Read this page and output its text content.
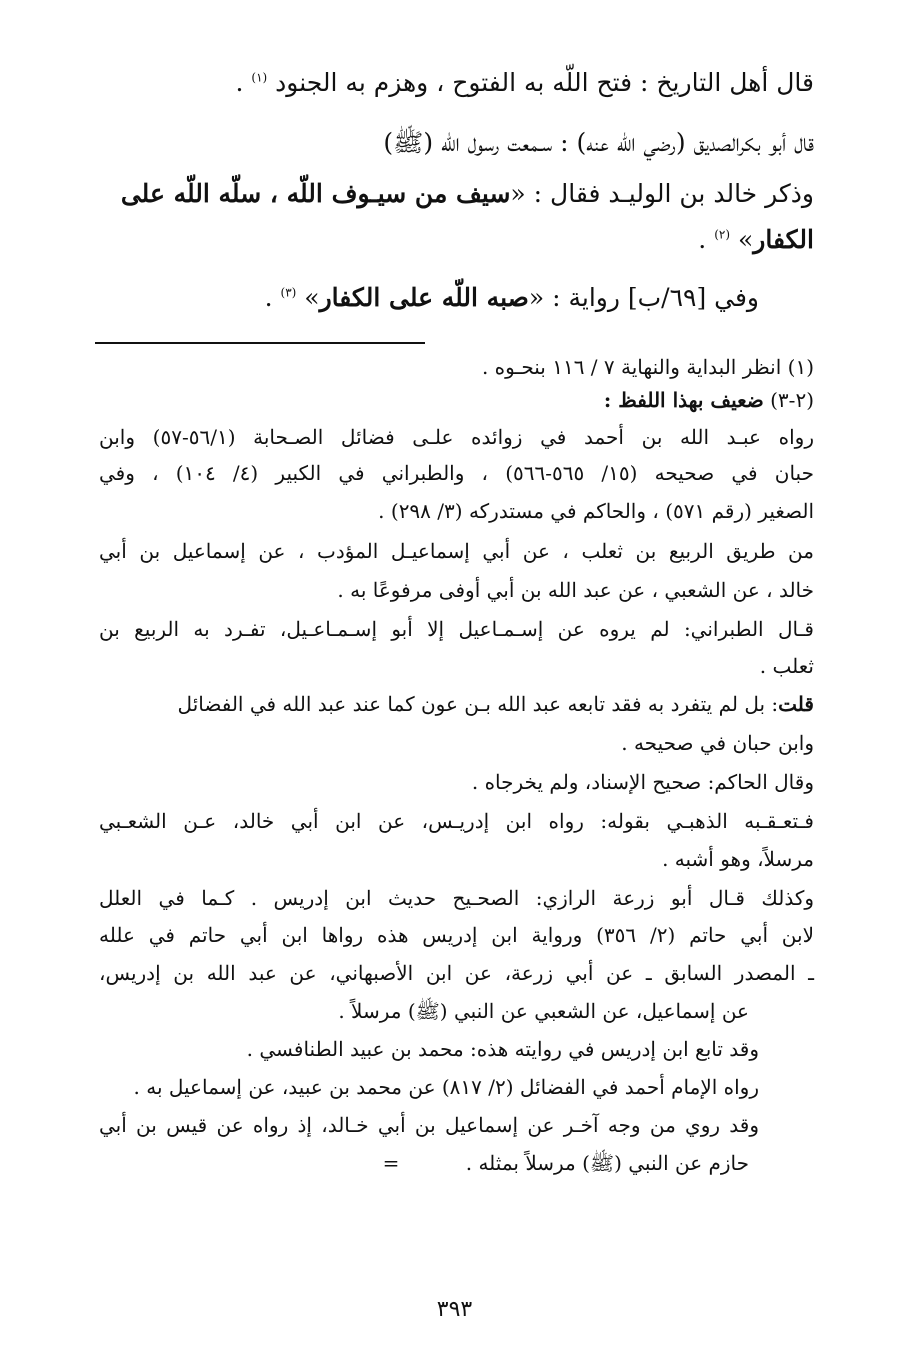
قال أهل التاريخ : فتح اللّه به الفتوح ، وهزم به الجنود $^{(١)}$ .
قال أبو بكرالصديق (رضي اللّه عنه) : سـمعت رسول اللّه (ﷺ)
وذكر خالد بن الوليـد فقال : «سيف من سيـوف اللّه ، سلّه اللّه على
الكفار» $^{(٢)}$ .
وفي [٦٩/ب] رواية : «صبه اللّه على الكفار» $^{(٣)}$ .
(١) انظر البداية والنهاية ٧ / ١١٦ بنحـوه .
(٢-٣) ضعيف بهذا اللفظ :
رواه عبـد الله بن أحمد في زوائده علـى فضائل الصـحابة (٥٦/١-٥٧) وابن
حبان في صحيحه (١٥/ ٥٦٥-٥٦٦) ، والطبراني في الكبير (٤/ ١٠٤) ، وفي
الصغير (رقم ٥٧١) ، والحاكم في مستدركه (٣/ ٢٩٨) .
من طريق الربيع بن ثعلب ، عن أبي إسماعيـل المؤدب ، عن إسماعيل بن أبي
خالد ، عن الشعبي ، عن عبد الله بن أبي أوفى مرفوعًا به .
قـال الطبراني: لم يروه عن إسـمـاعيل إلا أبو إسـمـاعـيل، تفـرد به الربيع بن
ثعلب .
قلت: بل لم يتفرد به فقد تابعه عبد الله بـن عون كما عند عبد الله في الفضائل
وابن حبان في صحيحه .
وقال الحاكم: صحيح الإسناد، ولم يخرجاه .
فـتعـقـبه الذهبـي بقوله: رواه ابن إدريـس، عن ابن أبي خالد، عـن الشعـبي
مرسلاً، وهو أشبه .
وكذلك قـال أبو زرعة الرازي: الصحـيح حديث ابن إدريس . كـما في العلل
لابن أبي حاتم (٢/ ٣٥٦) ورواية ابن إدريس هذه رواها ابن أبي حاتم في علله
ـ المصدر السابق ـ عن أبي زرعة، عن ابن الأصبهاني، عن عبد الله بن إدريس،
عن إسماعيل، عن الشعبي عن النبي (ﷺ) مرسلاً .
وقد تابع ابن إدريس في روايته هذه: محمد بن عبيد الطنافسي .
رواه الإمام أحمد في الفضائل (٢/ ٨١٧) عن محمد بن عبيد، عن إسماعيل به .
وقد روي من وجه آخـر عن إسماعيل بن أبي خـالد، إذ رواه عن قيس بن أبي
حازم عن النبي (ﷺ) مرسلاً بمثله . =
٣٩٣
